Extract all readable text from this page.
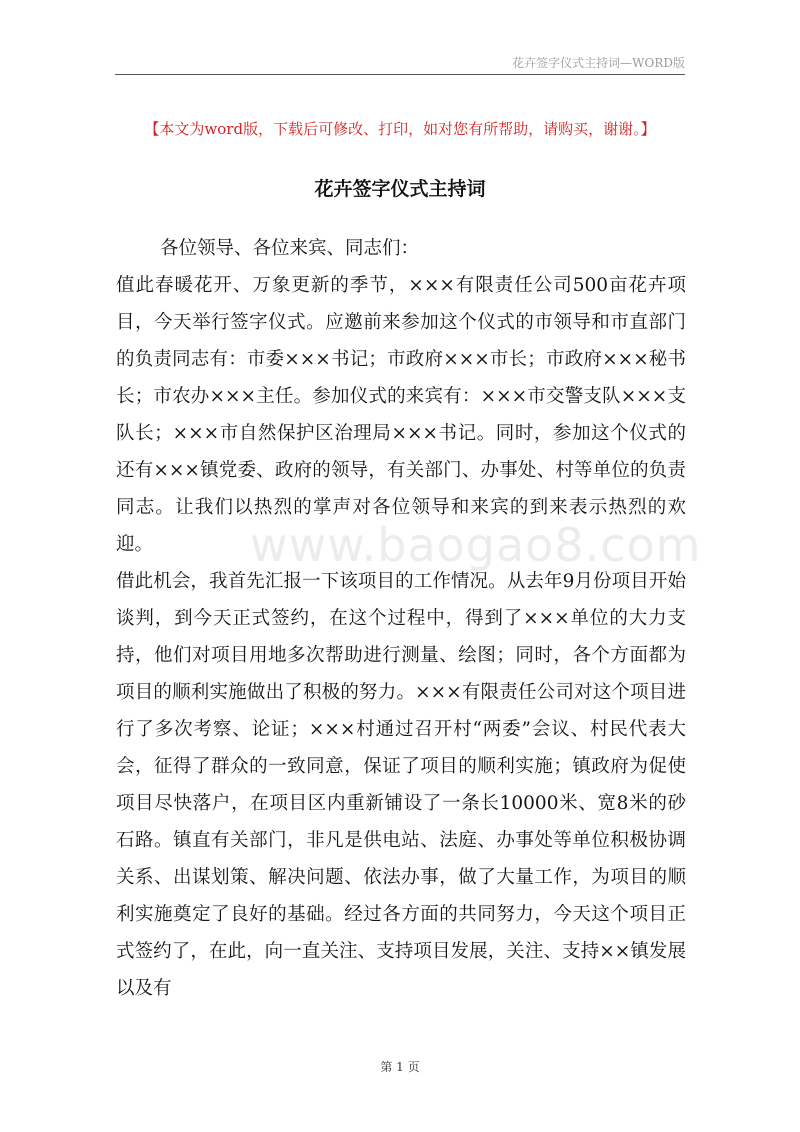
花卉签字仪式主持词—WORD版
【本文为word版，下载后可修改、打印，如对您有所帮助，请购买，谢谢。】
花卉签字仪式主持词
www.baogao8.com

各位领导、各位来宾、同志们：

值此春暖花开、万象更新的季节，×××有限责任公司500亩花卉项目，今天举行签字仪式。应邀前来参加这个仪式的市领导和市直部门的负责同志有：市委×××书记；市政府×××市长；市政府×××秘书长；市农办×××主任。参加仪式的来宾有：×××市交警支队×××支队长；×××市自然保护区治理局×××书记。同时，参加这个仪式的还有×××镇党委、政府的领导，有关部门、办事处、村等单位的负责同志。让我们以热烈的掌声对各位领导和来宾的到来表示热烈的欢迎。

借此机会，我首先汇报一下该项目的工作情况。从去年9月份项目开始谈判，到今天正式签约，在这个过程中，得到了×××单位的大力支持，他们对项目用地多次帮助进行测量、绘图；同时，各个方面都为项目的顺利实施做出了积极的努力。×××有限责任公司对这个项目进行了多次考察、论证；×××村通过召开村“两委”会议、村民代表大会，征得了群众的一致同意，保证了项目的顺利实施；镇政府为促使项目尽快落户，在项目区内重新铺设了一条长10000米、宽8米的砂石路。镇直有关部门，非凡是供电站、法庭、办事处等单位积极协调关系、出谋划策、解决问题、依法办事，做了大量工作，为项目的顺利实施奠定了良好的基础。经过各方面的共同努力，今天这个项目正式签约了，在此，向一直关注、支持项目发展，关注、支持××镇发展以及有

第 1 页
